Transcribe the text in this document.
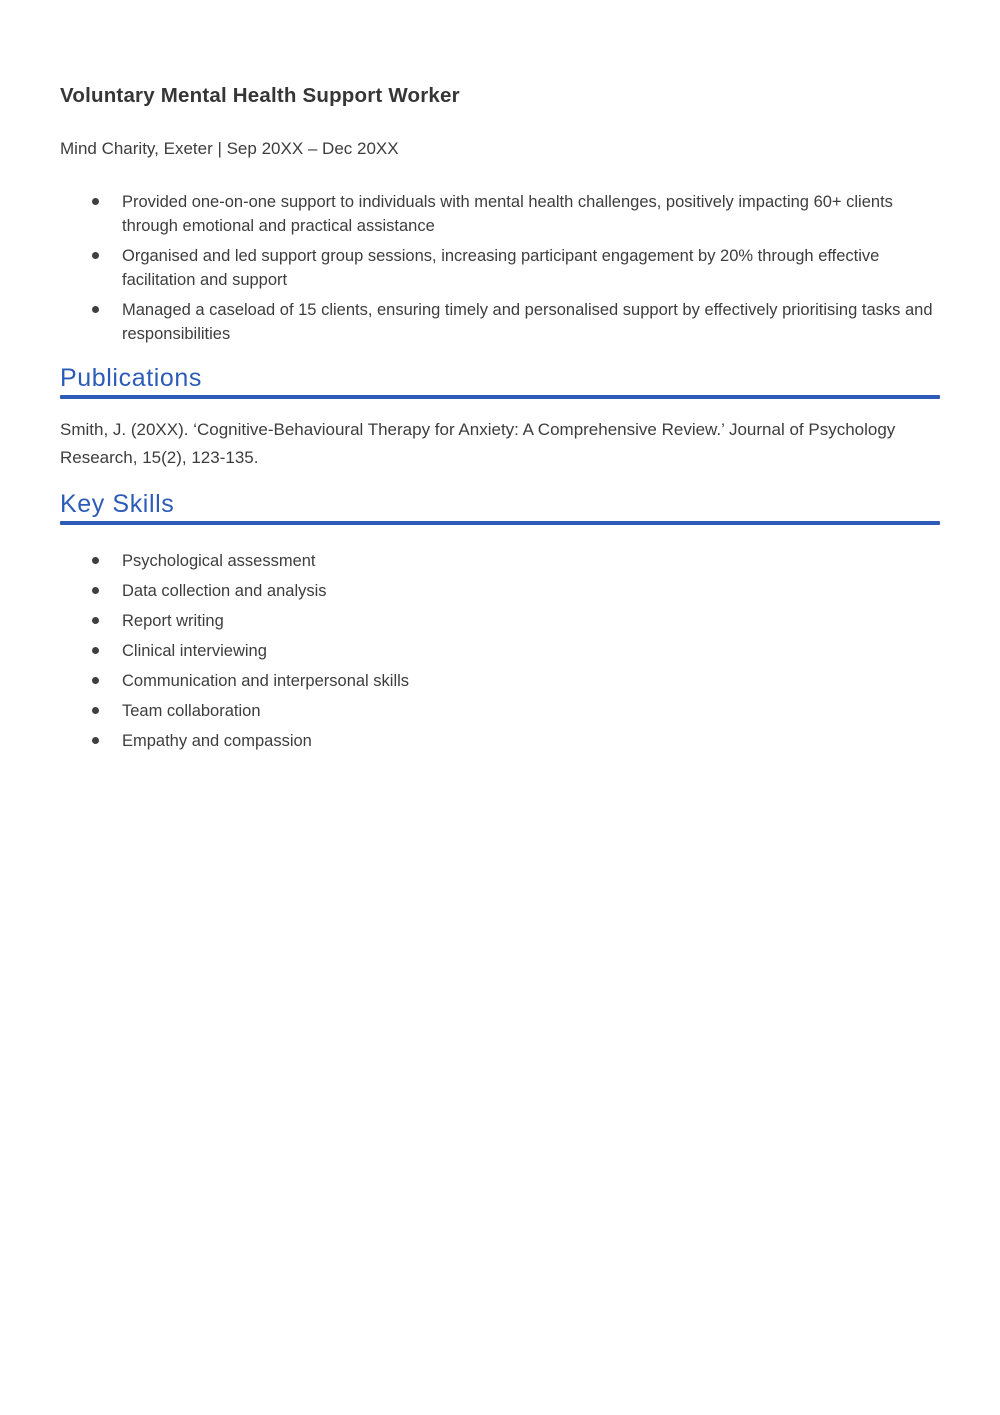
Voluntary Mental Health Support Worker

Mind Charity, Exeter | Sep 20XX – Dec 20XX

Provided one-on-one support to individuals with mental health challenges, positively impacting 60+ clients through emotional and practical assistance
Organised and led support group sessions, increasing participant engagement by 20% through effective facilitation and support
Managed a caseload of 15 clients, ensuring timely and personalised support by effectively prioritising tasks and responsibilities
Publications

Smith, J. (20XX). ‘Cognitive-Behavioural Therapy for Anxiety: A Comprehensive Review.’ Journal of Psychology Research, 15(2), 123-135.

Key Skills
Psychological assessment
Data collection and analysis
Report writing
Clinical interviewing
Communication and interpersonal skills
Team collaboration
Empathy and compassion
